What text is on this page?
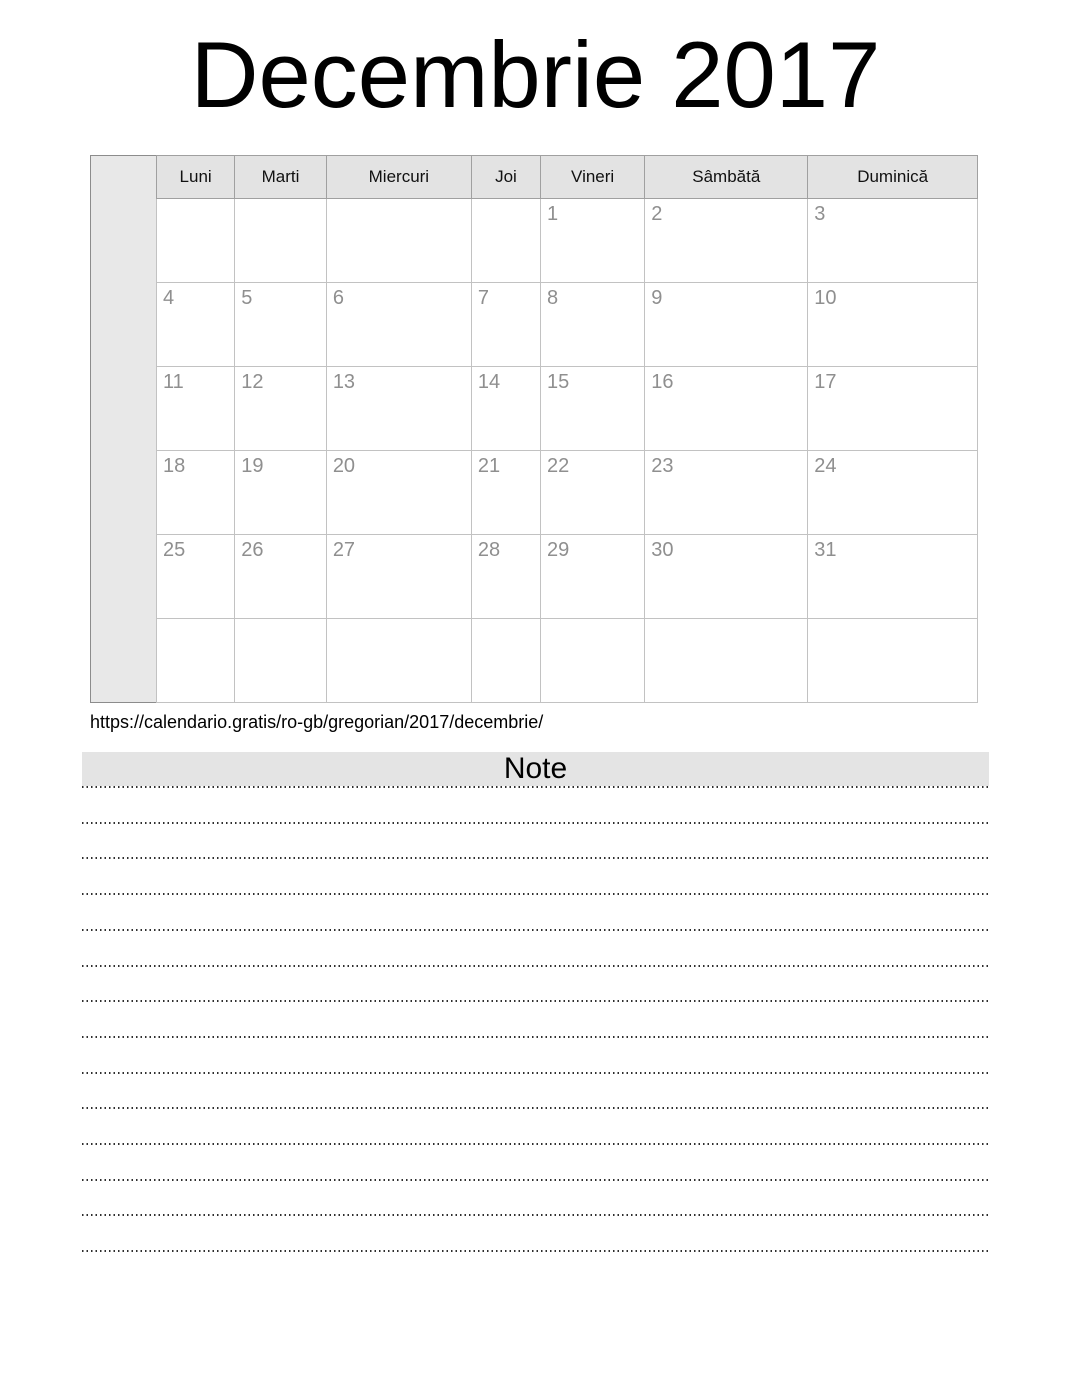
Decembrie 2017
Luni	Marti	Miercuri	Joi	Vineri	Sâmbătă	Duminică
				1	2	3
4	5	6	7	8	9	10
11	12	13	14	15	16	17
18	19	20	21	22	23	24
25	26	27	28	29	30	31

https://calendario.gratis/ro-gb/gregorian/2017/decembrie/
Note
